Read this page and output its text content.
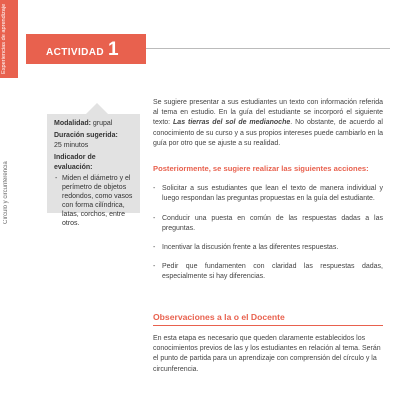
Experiencias de aprendizaje
Círculo y circunferencia
ACTIVIDAD 1
Modalidad: grupal
Duración sugerida:
25 minutos
Indicador de evaluación:
- Miden el diámetro y el perímetro de objetos redondos, como vasos con forma cilíndrica, latas, corchos, entre otros.

Se sugiere presentar a sus estudiantes un texto con información referida al tema en estudio. En la guía del estudiante se incorporó el siguiente texto: Las tierras del sol de medianoche. No obstante, de acuerdo al conocimiento de su curso y a sus propios intereses puede cambiarlo en la guía por otro que se ajuste a su realidad.

Posteriormente, se sugiere realizar las siguientes acciones:
- Solicitar a sus estudiantes que lean el texto de manera individual y luego respondan las preguntas propuestas en la guía del estudiante.
- Conducir una puesta en común de las respuestas dadas a las preguntas.
- Incentivar la discusión frente a las diferentes respuestas.
- Pedir que fundamenten con claridad las respuestas dadas, especialmente si hay diferencias.
Observaciones a la o el Docente
En esta etapa es necesario que queden claramente establecidos los conocimientos previos de las y los estudiantes en relación al tema. Serán el punto de partida para un aprendizaje con comprensión del círculo y la circunferencia.
